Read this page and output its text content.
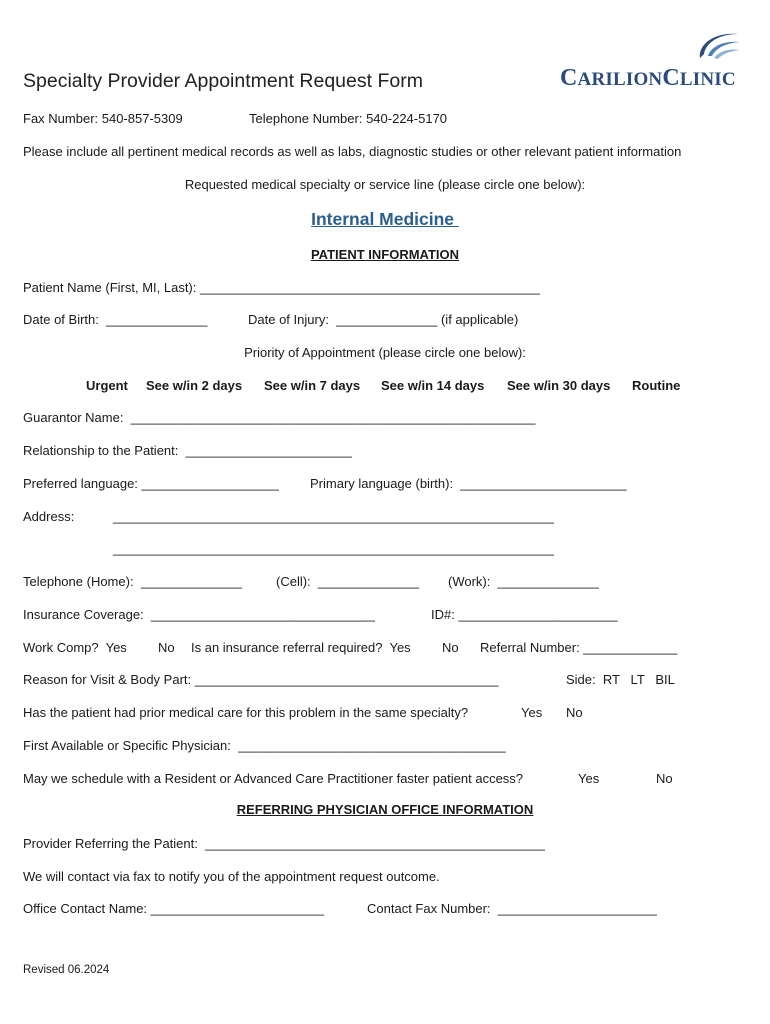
Specialty Provider Appointment Request Form

	CARILIONCLINIC

Fax Number: 540-857-5309	Telephone Number: 540-224-5170
Please include all pertinent medical records as well as labs, diagnostic studies or other relevant patient information
Requested medical specialty or service line (please circle one below):
Internal Medicine
PATIENT INFORMATION
Patient Name (First, MI, Last): _______________________________________________
Date of Birth:  ______________	Date of Injury:  ______________ (if applicable)
Priority of Appointment (please circle one below):
Urgent See w/in 2 days See w/in 7 days See w/in 14 days See w/in 30 days Routine
Guarantor Name:  ________________________________________________________
Relationship to the Patient:  _______________________
Preferred language: ___________________ Primary language (birth):  _______________________
Address:	_____________________________________________________________
_____________________________________________________________
Telephone (Home):  ______________	(Cell):  ______________ (Work):  ______________
Insurance Coverage:  _______________________________	ID#: ______________________
Work Comp?  Yes No Is an insurance referral required?  Yes No Referral Number: _____________
Reason for Visit & Body Part: __________________________________________	Side:  RT   LT   BIL
Has the patient had prior medical care for this problem in the same specialty?	Yes No
First Available or Specific Physician:  _____________________________________
May we schedule with a Resident or Advanced Care Practitioner faster patient access?	Yes	No
REFERRING PHYSICIAN OFFICE INFORMATION
Provider Referring the Patient:  _______________________________________________
We will contact via fax to notify you of the appointment request outcome.
Office Contact Name: ________________________	Contact Fax Number:  ______________________
Revised 06.2024
